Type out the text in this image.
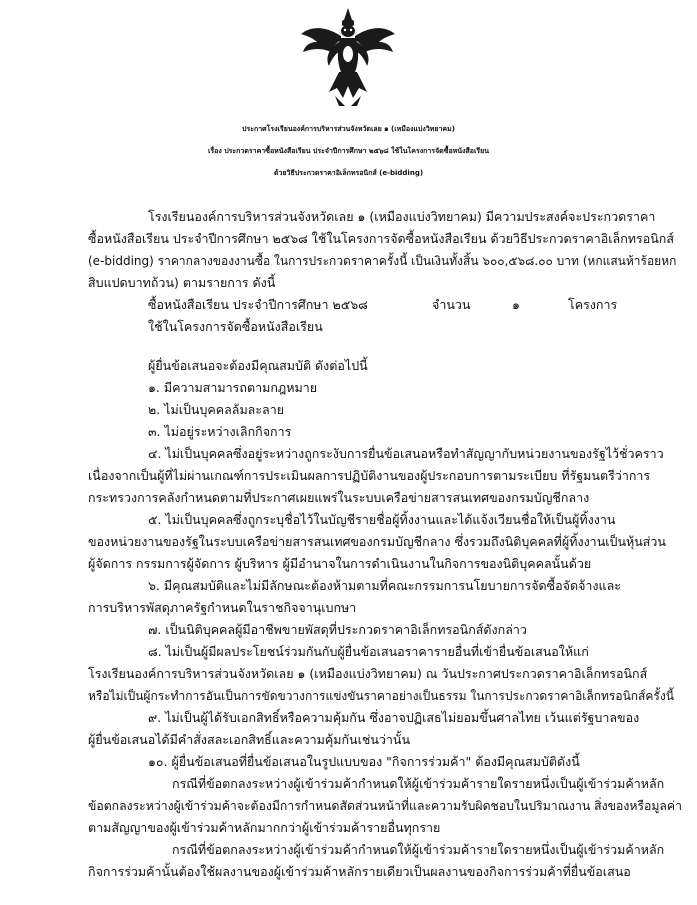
ประกาศโรงเรียนองค์การบริหารส่วนจังหวัดเลย ๑ (เหมืองแบ่งวิทยาคม)
เรื่อง ประกวดราคาซื้อหนังสือเรียน ประจำปีการศึกษา ๒๕๖๘ ใช้ในโครงการจัดซื้อหนังสือเรียน
ด้วยวิธีประกวดราคาอิเล็กทรอนิกส์ (e-bidding)
โรงเรียนองค์การบริหารส่วนจังหวัดเลย ๑ (เหมืองแบ่งวิทยาคม) มีความประสงค์จะประกวดราคา
ซื้อหนังสือเรียน ประจำปีการศึกษา ๒๕๖๘ ใช้ในโครงการจัดซื้อหนังสือเรียน ด้วยวิธีประกวดราคาอิเล็กทรอนิกส์
(e-bidding) ราคากลางของงานซื้อ ในการประกวดราคาครั้งนี้ เป็นเงินทั้งสิ้น ๖๐๐,๕๖๘.๐๐ บาท (หกแสนห้าร้อยหก
สิบแปดบาทถ้วน) ตามรายการ ดังนี้
ซื้อหนังสือเรียน ประจำปีการศึกษา ๒๕๖๘	จำนวน	๑	โครงการ
ใช้ในโครงการจัดซื้อหนังสือเรียน
ผู้ยื่นข้อเสนอจะต้องมีคุณสมบัติ ดังต่อไปนี้
๑. มีความสามารถตามกฎหมาย
๒. ไม่เป็นบุคคลล้มละลาย
๓. ไม่อยู่ระหว่างเลิกกิจการ
๔. ไม่เป็นบุคคลซึ่งอยู่ระหว่างถูกระงับการยื่นข้อเสนอหรือทำสัญญากับหน่วยงานของรัฐไว้ชั่วคราว
เนื่องจากเป็นผู้ที่ไม่ผ่านเกณฑ์การประเมินผลการปฏิบัติงานของผู้ประกอบการตามระเบียบ ที่รัฐมนตรีว่าการ
กระทรวงการคลังกำหนดตามที่ประกาศเผยแพร่ในระบบเครือข่ายสารสนเทศของกรมบัญชีกลาง
๕. ไม่เป็นบุคคลซึ่งถูกระบุชื่อไว้ในบัญชีรายชื่อผู้ทิ้งงานและได้แจ้งเวียนชื่อให้เป็นผู้ทิ้งงาน
ของหน่วยงานของรัฐในระบบเครือข่ายสารสนเทศของกรมบัญชีกลาง ซึ่งรวมถึงนิติบุคคลที่ผู้ทิ้งงานเป็นหุ้นส่วน
ผู้จัดการ กรรมการผู้จัดการ ผู้บริหาร ผู้มีอำนาจในการดำเนินงานในกิจการของนิติบุคคลนั้นด้วย
๖. มีคุณสมบัติและไม่มีลักษณะต้องห้ามตามที่คณะกรรมการนโยบายการจัดซื้อจัดจ้างและ
การบริหารพัสดุภาครัฐกำหนดในราชกิจจานุเบกษา
๗. เป็นนิติบุคคลผู้มีอาชีพขายพัสดุที่ประกวดราคาอิเล็กทรอนิกส์ดังกล่าว
๘. ไม่เป็นผู้มีผลประโยชน์ร่วมกันกับผู้ยื่นข้อเสนอราคารายอื่นที่เข้ายื่นข้อเสนอให้แก่
โรงเรียนองค์การบริหารส่วนจังหวัดเลย ๑ (เหมืองแบ่งวิทยาคม) ณ วันประกาศประกวดราคาอิเล็กทรอนิกส์
หรือไม่เป็นผู้กระทำการอันเป็นการขัดขวางการแข่งขันราคาอย่างเป็นธรรม ในการประกวดราคาอิเล็กทรอนิกส์ครั้งนี้
๙. ไม่เป็นผู้ได้รับเอกสิทธิ์หรือความคุ้มกัน ซึ่งอาจปฏิเสธไม่ยอมขึ้นศาลไทย เว้นแต่รัฐบาลของ
ผู้ยื่นข้อเสนอได้มีคำสั่งสละเอกสิทธิ์และความคุ้มกันเช่นว่านั้น
๑๐. ผู้ยื่นข้อเสนอที่ยื่นข้อเสนอในรูปแบบของ "กิจการร่วมค้า" ต้องมีคุณสมบัติดังนี้
กรณีที่ข้อตกลงระหว่างผู้เข้าร่วมค้ากำหนดให้ผู้เข้าร่วมค้ารายใดรายหนึ่งเป็นผู้เข้าร่วมค้าหลัก
ข้อตกลงระหว่างผู้เข้าร่วมค้าจะต้องมีการกำหนดสัดส่วนหน้าที่และความรับผิดชอบในปริมาณงาน สิ่งของหรือมูลค่า
ตามสัญญาของผู้เข้าร่วมค้าหลักมากกว่าผู้เข้าร่วมค้ารายอื่นทุกราย
กรณีที่ข้อตกลงระหว่างผู้เข้าร่วมค้ากำหนดให้ผู้เข้าร่วมค้ารายใดรายหนึ่งเป็นผู้เข้าร่วมค้าหลัก
กิจการร่วมค้านั้นต้องใช้ผลงานของผู้เข้าร่วมค้าหลักรายเดียวเป็นผลงานของกิจการร่วมค้าที่ยื่นข้อเสนอ
